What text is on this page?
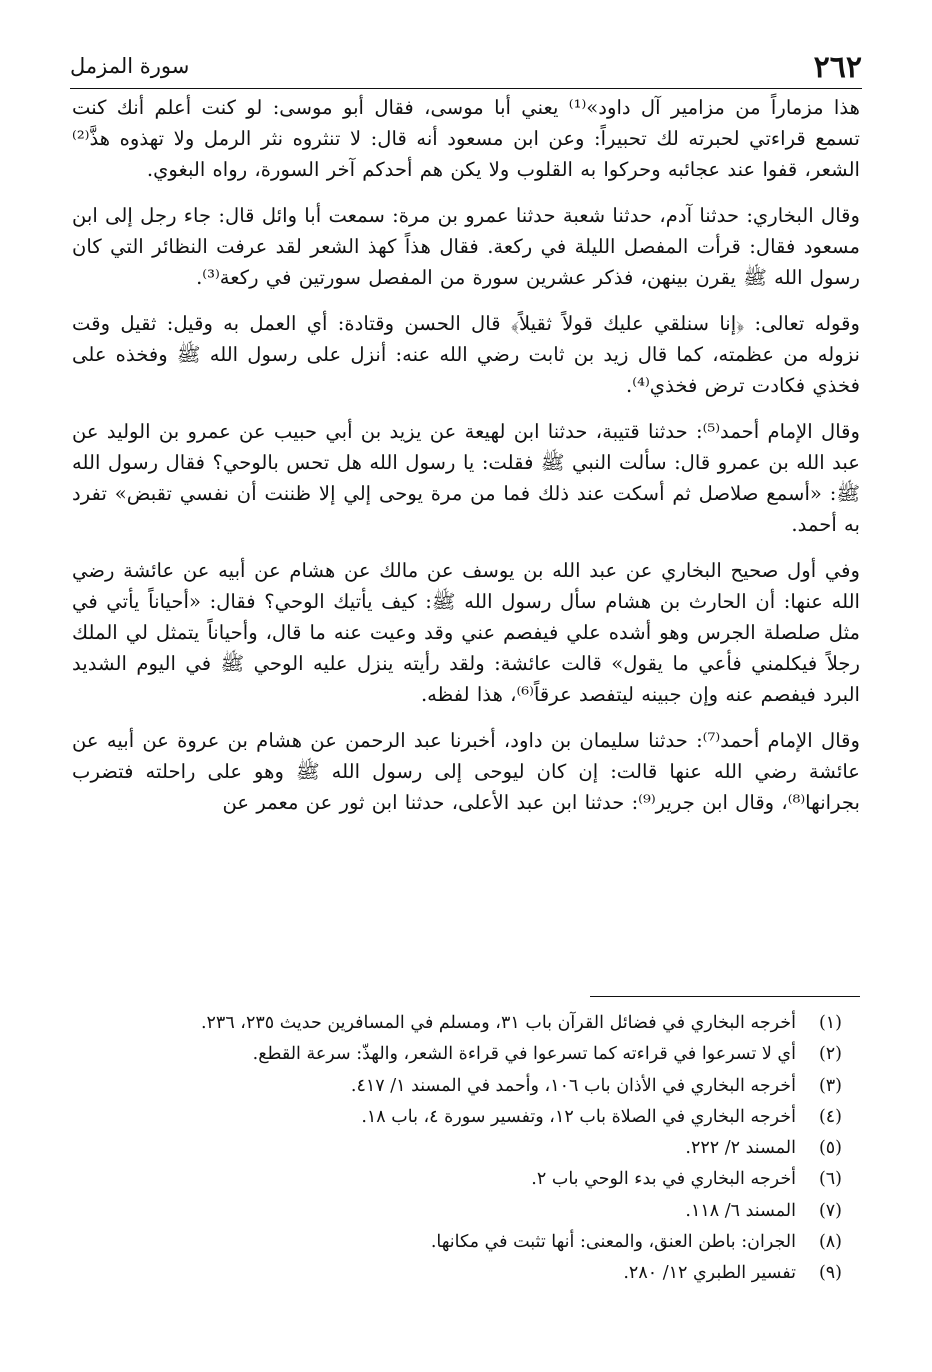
٢٦٢
سورة المزمل

هذا مزماراً من مزامير آل داود»⁽¹⁾ يعني أبا موسى، فقال أبو موسى: لو كنت أعلم أنك كنت تسمع قراءتي لحبرته لك تحبيراً: وعن ابن مسعود أنه قال: لا تنثروه نثر الرمل ولا تهذوه هذَّ⁽²⁾ الشعر، قفوا عند عجائبه وحركوا به القلوب ولا يكن هم أحدكم آخر السورة، رواه البغوي.

وقال البخاري: حدثنا آدم، حدثنا شعبة حدثنا عمرو بن مرة: سمعت أبا وائل قال: جاء رجل إلى ابن مسعود فقال: قرأت المفصل الليلة في ركعة. فقال هذاً كهذ الشعر لقد عرفت النظائر التي كان رسول الله ﷺ يقرن بينهن، فذكر عشرين سورة من المفصل سورتين في ركعة⁽³⁾.

وقوله تعالى: ﴿إنا سنلقي عليك قولاً ثقيلاً﴾ قال الحسن وقتادة: أي العمل به وقيل: ثقيل وقت نزوله من عظمته، كما قال زيد بن ثابت رضي الله عنه: أنزل على رسول الله ﷺ وفخذه على فخذي فكادت ترض فخذي⁽⁴⁾.

وقال الإمام أحمد⁽⁵⁾: حدثنا قتيبة، حدثنا ابن لهيعة عن يزيد بن أبي حبيب عن عمرو بن الوليد عن عبد الله بن عمرو قال: سألت النبي ﷺ فقلت: يا رسول الله هل تحس بالوحي؟ فقال رسول الله ﷺ: «أسمع صلاصل ثم أسكت عند ذلك فما من مرة يوحى إلي إلا ظننت أن نفسي تقبض» تفرد به أحمد.

وفي أول صحيح البخاري عن عبد الله بن يوسف عن مالك عن هشام عن أبيه عن عائشة رضي الله عنها: أن الحارث بن هشام سأل رسول الله ﷺ: كيف يأتيك الوحي؟ فقال: «أحياناً يأتي في مثل صلصلة الجرس وهو أشده علي فيفصم عني وقد وعيت عنه ما قال، وأحياناً يتمثل لي الملك رجلاً فيكلمني فأعي ما يقول» قالت عائشة: ولقد رأيته ينزل عليه الوحي ﷺ في اليوم الشديد البرد فيفصم عنه وإن جبينه ليتفصد عرقاً⁽⁶⁾، هذا لفظه.

وقال الإمام أحمد⁽⁷⁾: حدثنا سليمان بن داود، أخبرنا عبد الرحمن عن هشام بن عروة عن أبيه عن عائشة رضي الله عنها قالت: إن كان ليوحى إلى رسول الله ﷺ وهو على راحلته فتضرب بجرانها⁽⁸⁾، وقال ابن جرير⁽⁹⁾: حدثنا ابن عبد الأعلى، حدثنا ابن ثور عن معمر عن

(١)
أخرجه البخاري في فضائل القرآن باب ٣١، ومسلم في المسافرين حديث ٢٣٥، ٢٣٦.
(٢)
أي لا تسرعوا في قراءته كما تسرعوا في قراءة الشعر، والهذّ: سرعة القطع.
(٣)
أخرجه البخاري في الأذان باب ١٠٦، وأحمد في المسند ١/ ٤١٧.
(٤)
أخرجه البخاري في الصلاة باب ١٢، وتفسير سورة ٤، باب ١٨.
(٥)
المسند ٢/ ٢٢٢.
(٦)
أخرجه البخاري في بدء الوحي باب ٢.
(٧)
المسند ٦/ ١١٨.
(٨)
الجران: باطن العنق، والمعنى: أنها تثبت في مكانها.
(٩)
تفسير الطبري ١٢/ ٢٨٠.
